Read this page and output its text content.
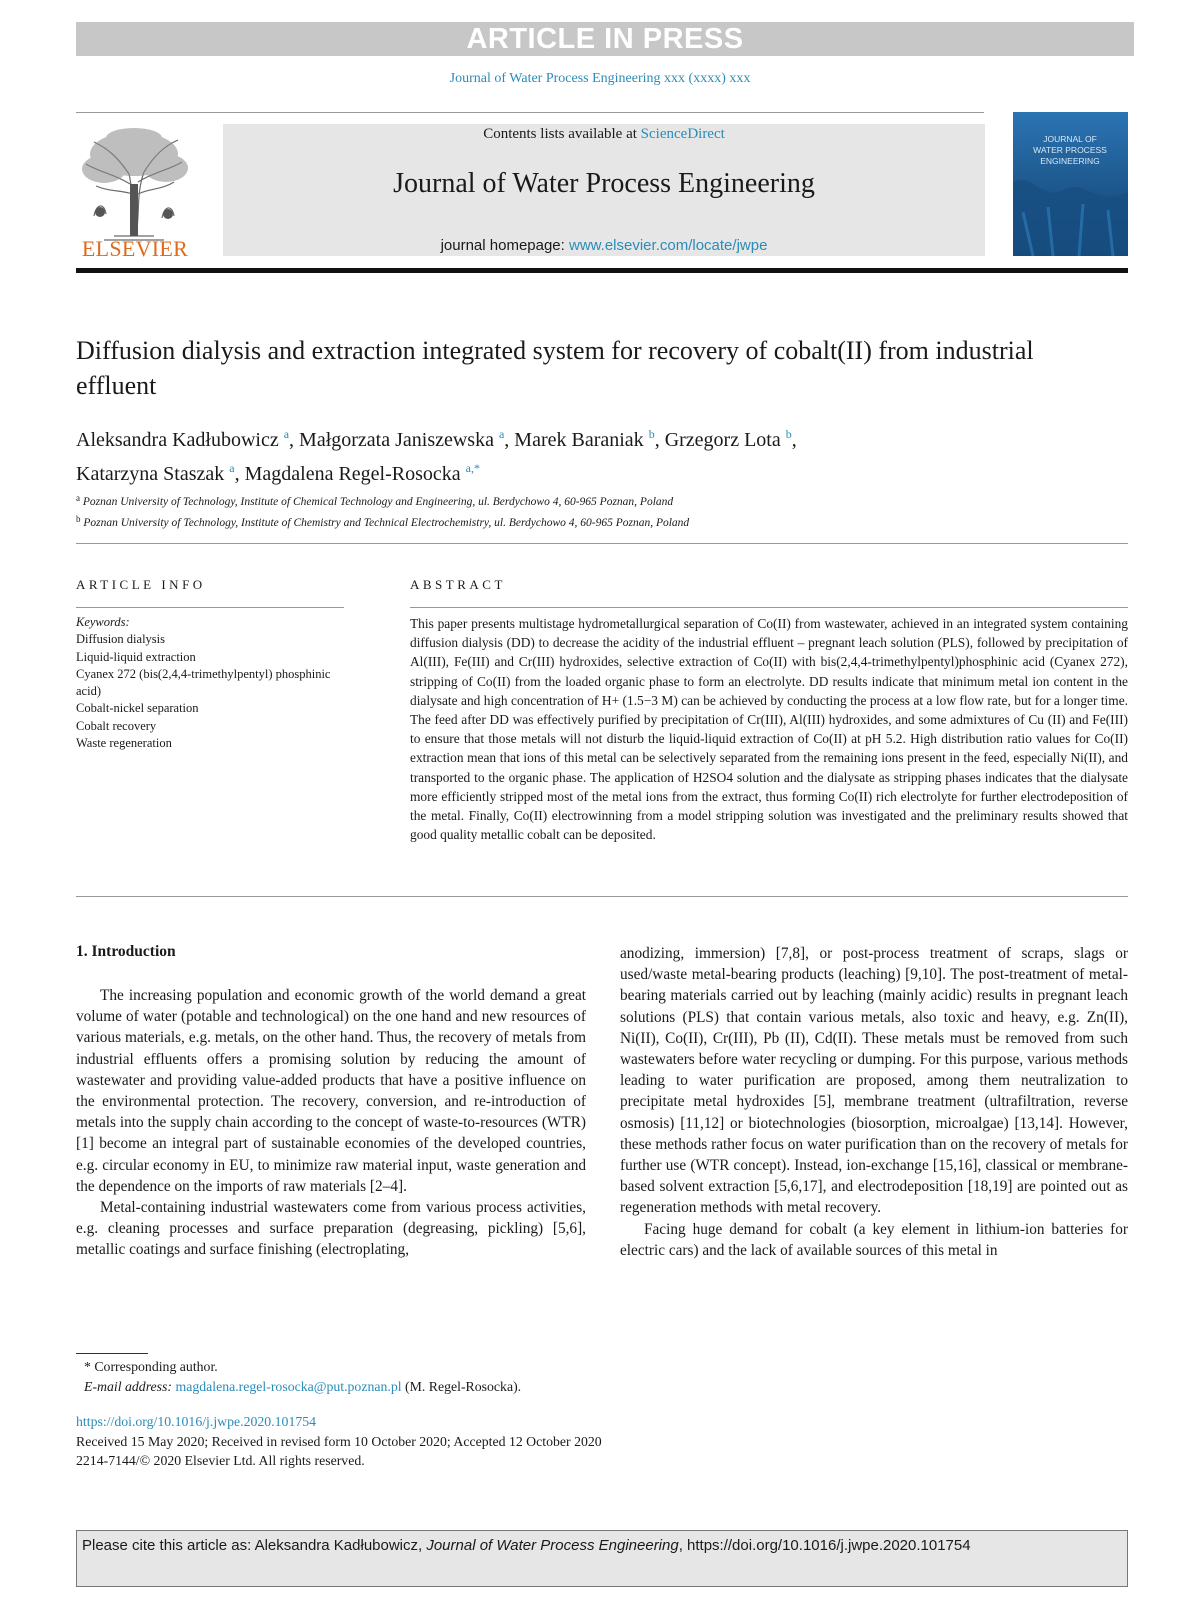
ARTICLE IN PRESS
Journal of Water Process Engineering xxx (xxxx) xxx
ELSEVIER
Contents lists available at ScienceDirect
Journal of Water Process Engineering
journal homepage: www.elsevier.com/locate/jwpe
JOURNAL OF
WATER PROCESS
ENGINEERING
Diffusion dialysis and extraction integrated system for recovery of cobalt(II) from industrial effluent
Aleksandra Kadłubowicz $^a$, Małgorzata Janiszewska $^a$, Marek Baraniak $^b$, Grzegorz Lota $^b$,
Katarzyna Staszak $^a$, Magdalena Regel-Rosocka $^{a,*}$
$^a$ Poznan University of Technology, Institute of Chemical Technology and Engineering, ul. Berdychowo 4, 60-965 Poznan, Poland
$^b$ Poznan University of Technology, Institute of Chemistry and Technical Electrochemistry, ul. Berdychowo 4, 60-965 Poznan, Poland
ARTICLE INFO
Keywords:
Diffusion dialysis
Liquid-liquid extraction
Cyanex 272 (bis(2,4,4-trimethylpentyl) phosphinic acid)
Cobalt-nickel separation
Cobalt recovery
Waste regeneration
ABSTRACT
This paper presents multistage hydrometallurgical separation of Co(II) from wastewater, achieved in an integrated system containing diffusion dialysis (DD) to decrease the acidity of the industrial effluent – pregnant leach solution (PLS), followed by precipitation of Al(III), Fe(III) and Cr(III) hydroxides, selective extraction of Co(II) with bis(2,4,4-trimethylpentyl)phosphinic acid (Cyanex 272), stripping of Co(II) from the loaded organic phase to form an electrolyte. DD results indicate that minimum metal ion content in the dialysate and high concentration of H+ (1.5−3 M) can be achieved by conducting the process at a low flow rate, but for a longer time. The feed after DD was effectively purified by precipitation of Cr(III), Al(III) hydroxides, and some admixtures of Cu (II) and Fe(III) to ensure that those metals will not disturb the liquid-liquid extraction of Co(II) at pH 5.2. High distribution ratio values for Co(II) extraction mean that ions of this metal can be selectively separated from the remaining ions present in the feed, especially Ni(II), and transported to the organic phase. The application of H2SO4 solution and the dialysate as stripping phases indicates that the dialysate more efficiently stripped most of the metal ions from the extract, thus forming Co(II) rich electrolyte for further electrodeposition of the metal. Finally, Co(II) electrowinning from a model stripping solution was investigated and the preliminary results showed that good quality metallic cobalt can be deposited.
1. Introduction

The increasing population and economic growth of the world demand a great volume of water (potable and technological) on the one hand and new resources of various materials, e.g. metals, on the other hand. Thus, the recovery of metals from industrial effluents offers a promising solution by reducing the amount of wastewater and providing value-added products that have a positive influence on the environmental protection. The recovery, conversion, and re-introduction of metals into the supply chain according to the concept of waste-to-resources (WTR) [1] become an integral part of sustainable economies of the developed countries, e.g. circular economy in EU, to minimize raw material input, waste generation and the dependence on the imports of raw materials [2–4].

Metal-containing industrial wastewaters come from various process activities, e.g. cleaning processes and surface preparation (degreasing, pickling) [5,6], metallic coatings and surface finishing (electroplating,

anodizing, immersion) [7,8], or post-process treatment of scraps, slags or used/waste metal-bearing products (leaching) [9,10]. The post-treatment of metal-bearing materials carried out by leaching (mainly acidic) results in pregnant leach solutions (PLS) that contain various metals, also toxic and heavy, e.g. Zn(II), Ni(II), Co(II), Cr(III), Pb (II), Cd(II). These metals must be removed from such wastewaters before water recycling or dumping. For this purpose, various methods leading to water purification are proposed, among them neutralization to precipitate metal hydroxides [5], membrane treatment (ultrafiltration, reverse osmosis) [11,12] or biotechnologies (biosorption, microalgae) [13,14]. However, these methods rather focus on water purification than on the recovery of metals for further use (WTR concept). Instead, ion-exchange [15,16], classical or membrane-based solvent extraction [5,6,17], and electrodeposition [18,19] are pointed out as regeneration methods with metal recovery.

Facing huge demand for cobalt (a key element in lithium-ion batteries for electric cars) and the lack of available sources of this metal in

* Corresponding author.
E-mail address: magdalena.regel-rosocka@put.poznan.pl (M. Regel-Rosocka).
https://doi.org/10.1016/j.jwpe.2020.101754
Received 15 May 2020; Received in revised form 10 October 2020; Accepted 12 October 2020
2214-7144/© 2020 Elsevier Ltd. All rights reserved.
Please cite this article as: Aleksandra Kadłubowicz, Journal of Water Process Engineering, https://doi.org/10.1016/j.jwpe.2020.101754
